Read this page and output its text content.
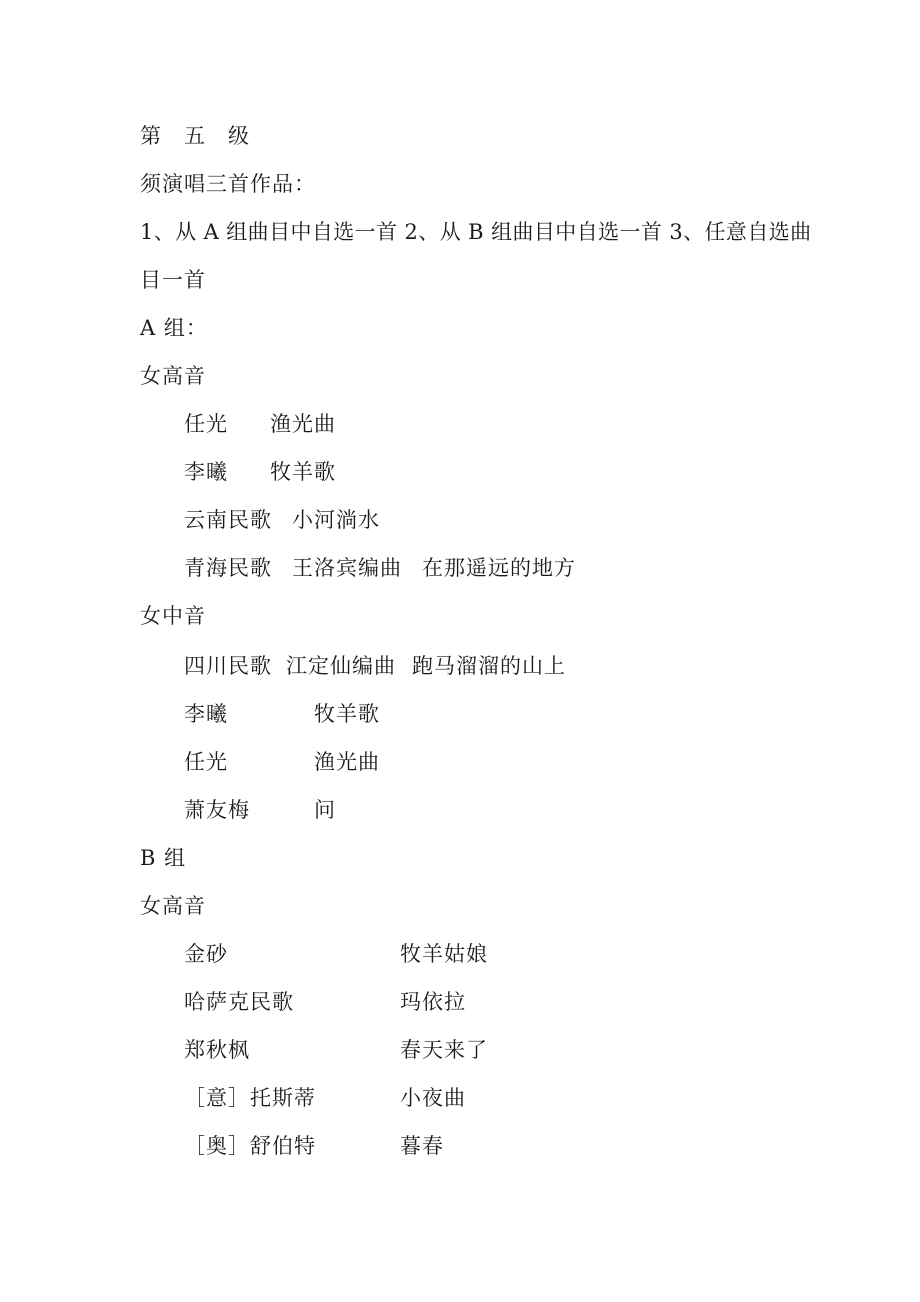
第　五　级
须演唱三首作品：
1、从 A 组曲目中自选一首 2、从 B 组曲目中自选一首 3、任意自选曲
目一首
A 组：
女高音
任光 渔光曲
李曦 牧羊歌
云南民歌 小河淌水
青海民歌 王洛宾编曲 在那遥远的地方
女中音
四川民歌 江定仙编曲 跑马溜溜的山上
李曦	牧羊歌
任光	渔光曲
萧友梅	问
B 组
女高音
金砂	牧羊姑娘
哈萨克民歌	玛依拉
郑秋枫	春天来了
［意］托斯蒂	小夜曲
［奥］舒伯特	暮春
